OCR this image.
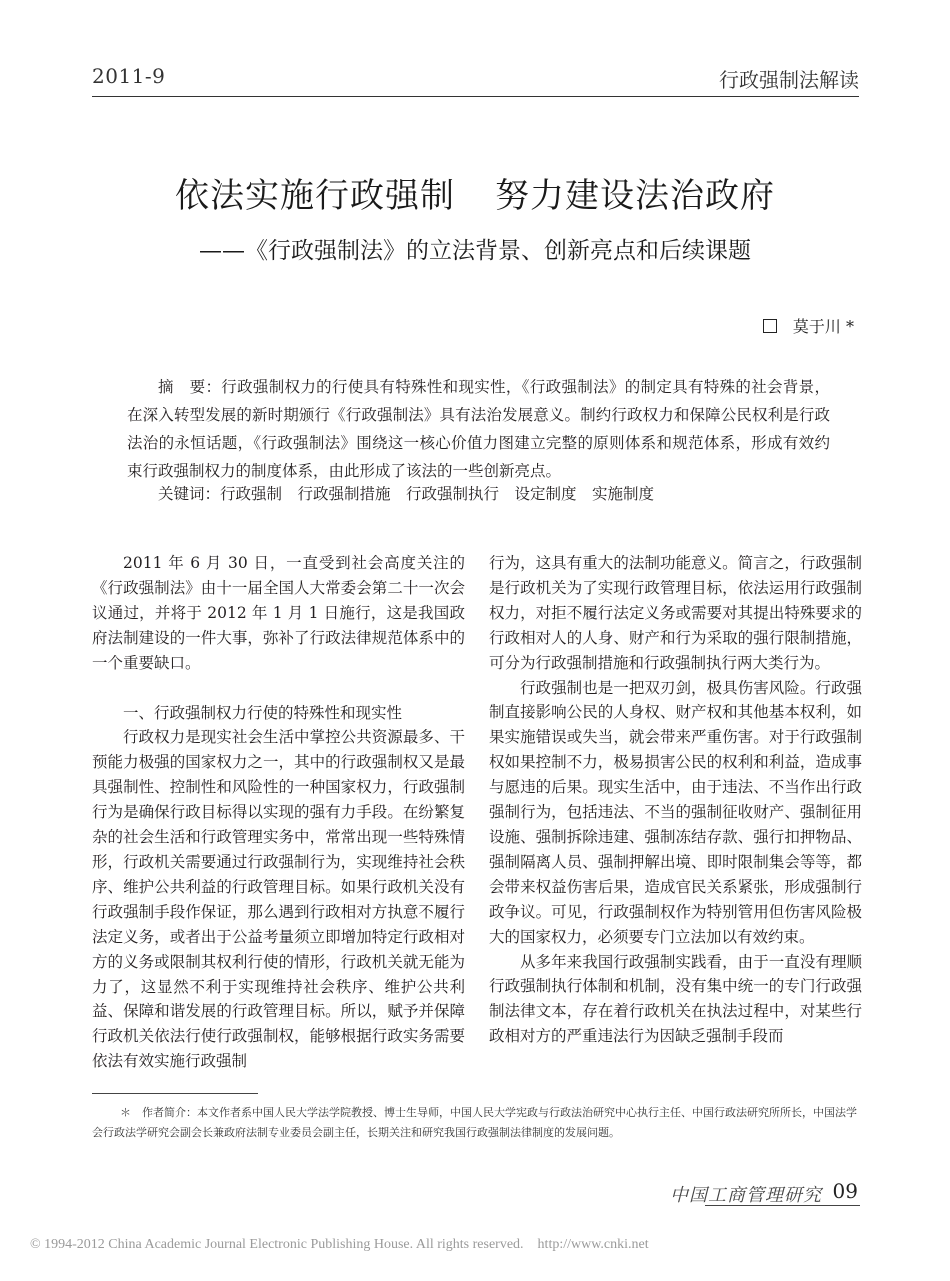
2011-9	行政强制法解读
依法实施行政强制 努力建设法治政府
——《行政强制法》的立法背景、创新亮点和后续课题
莫于川 *

摘　要：行政强制权力的行使具有特殊性和现实性，《行政强制法》的制定具有特殊的社会背景，在深入转型发展的新时期颁行《行政强制法》具有法治发展意义。制约行政权力和保障公民权利是行政法治的永恒话题，《行政强制法》围绕这一核心价值力图建立完整的原则体系和规范体系，形成有效约束行政强制权力的制度体系，由此形成了该法的一些创新亮点。

关键词：行政强制　行政强制措施　行政强制执行　设定制度　实施制度

2011 年 6 月 30 日，一直受到社会高度关注的《行政强制法》由十一届全国人大常委会第二十一次会议通过，并将于 2012 年 1 月 1 日施行，这是我国政府法制建设的一件大事，弥补了行政法律规范体系中的一个重要缺口。

一、行政强制权力行使的特殊性和现实性

行政权力是现实社会生活中掌控公共资源最多、干预能力极强的国家权力之一，其中的行政强制权又是最具强制性、控制性和风险性的一种国家权力，行政强制行为是确保行政目标得以实现的强有力手段。在纷繁复杂的社会生活和行政管理实务中，常常出现一些特殊情形，行政机关需要通过行政强制行为，实现维持社会秩序、维护公共利益的行政管理目标。如果行政机关没有行政强制手段作保证，那么遇到行政相对方执意不履行法定义务，或者出于公益考量须立即增加特定行政相对方的义务或限制其权利行使的情形，行政机关就无能为力了，这显然不利于实现维持社会秩序、维护公共利益、保障和谐发展的行政管理目标。所以，赋予并保障行政机关依法行使行政强制权，能够根据行政实务需要依法有效实施行政强制

行为，这具有重大的法制功能意义。简言之，行政强制是行政机关为了实现行政管理目标，依法运用行政强制权力，对拒不履行法定义务或需要对其提出特殊要求的行政相对人的人身、财产和行为采取的强行限制措施，可分为行政强制措施和行政强制执行两大类行为。

行政强制也是一把双刃剑，极具伤害风险。行政强制直接影响公民的人身权、财产权和其他基本权利，如果实施错误或失当，就会带来严重伤害。对于行政强制权如果控制不力，极易损害公民的权利和利益，造成事与愿违的后果。现实生活中，由于违法、不当作出行政强制行为，包括违法、不当的强制征收财产、强制征用设施、强制拆除违建、强制冻结存款、强行扣押物品、强制隔离人员、强制押解出境、即时限制集会等等，都会带来权益伤害后果，造成官民关系紧张，形成强制行政争议。可见，行政强制权作为特别管用但伤害风险极大的国家权力，必须要专门立法加以有效约束。

从多年来我国行政强制实践看，由于一直没有理顺行政强制执行体制和机制，没有集中统一的专门行政强制法律文本，存在着行政机关在执法过程中，对某些行政相对方的严重违法行为因缺乏强制手段而

＊　作者简介：本文作者系中国人民大学法学院教授、博士生导师，中国人民大学宪政与行政法治研究中心执行主任、中国行政法研究所所长，中国法学会行政法学研究会副会长兼政府法制专业委员会副主任，长期关注和研究我国行政强制法律制度的发展问题。

中国工商管理研究 09
© 1994-2012 China Academic Journal Electronic Publishing House. All rights reserved.    http://www.cnki.net
